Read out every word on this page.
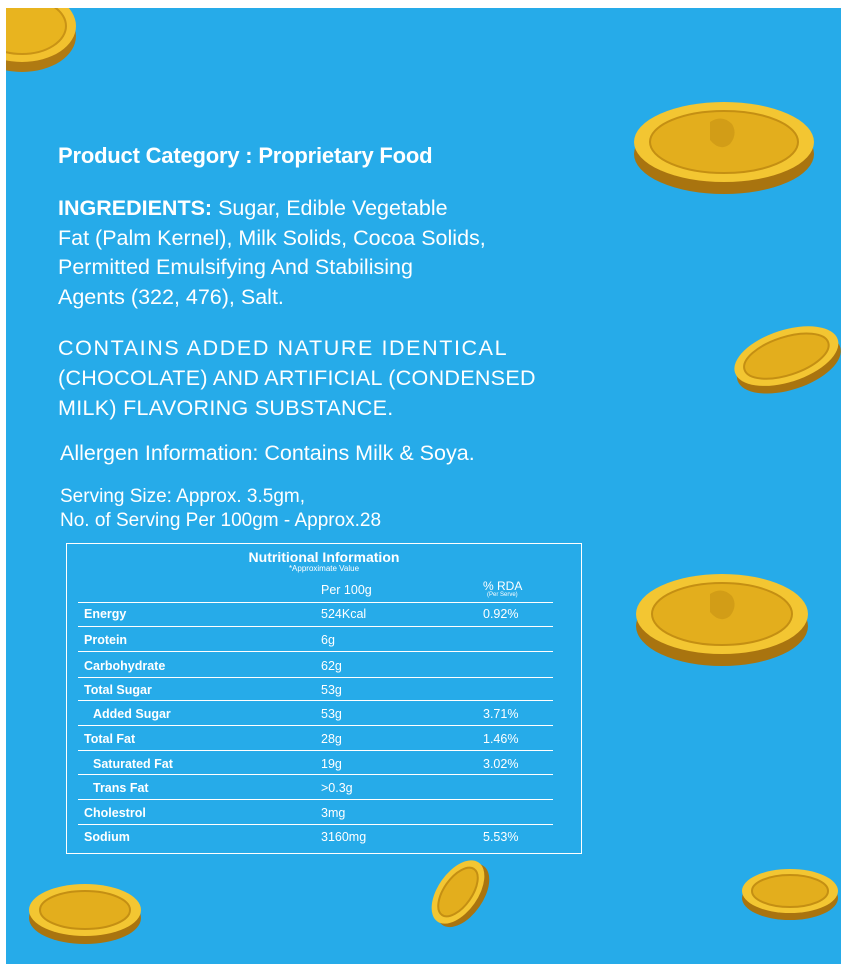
Product Category : Proprietary Food
INGREDIENTS: Sugar, Edible Vegetable
Fat (Palm Kernel), Milk Solids, Cocoa Solids,
Permitted Emulsifying And Stabilising
Agents (322, 476), Salt.
CONTAINS ADDED NATURE IDENTICAL
(CHOCOLATE) AND ARTIFICIAL (CONDENSED
MILK) FLAVORING SUBSTANCE.
Allergen Information: Contains Milk & Soya.
Serving Size: Approx. 3.5gm,
No. of Serving Per 100gm - Approx.28
Nutritional Information
*Approximate Value
Per 100g	% RDA
(Per Serve)
Energy	524Kcal	0.92%
Protein	6g
Carbohydrate	62g
Total Sugar	53g
Added Sugar	53g	3.71%
Total Fat	28g	1.46%
Saturated Fat	19g	3.02%
Trans Fat	>0.3g
Cholestrol	3mg
Sodium	3160mg	5.53%
